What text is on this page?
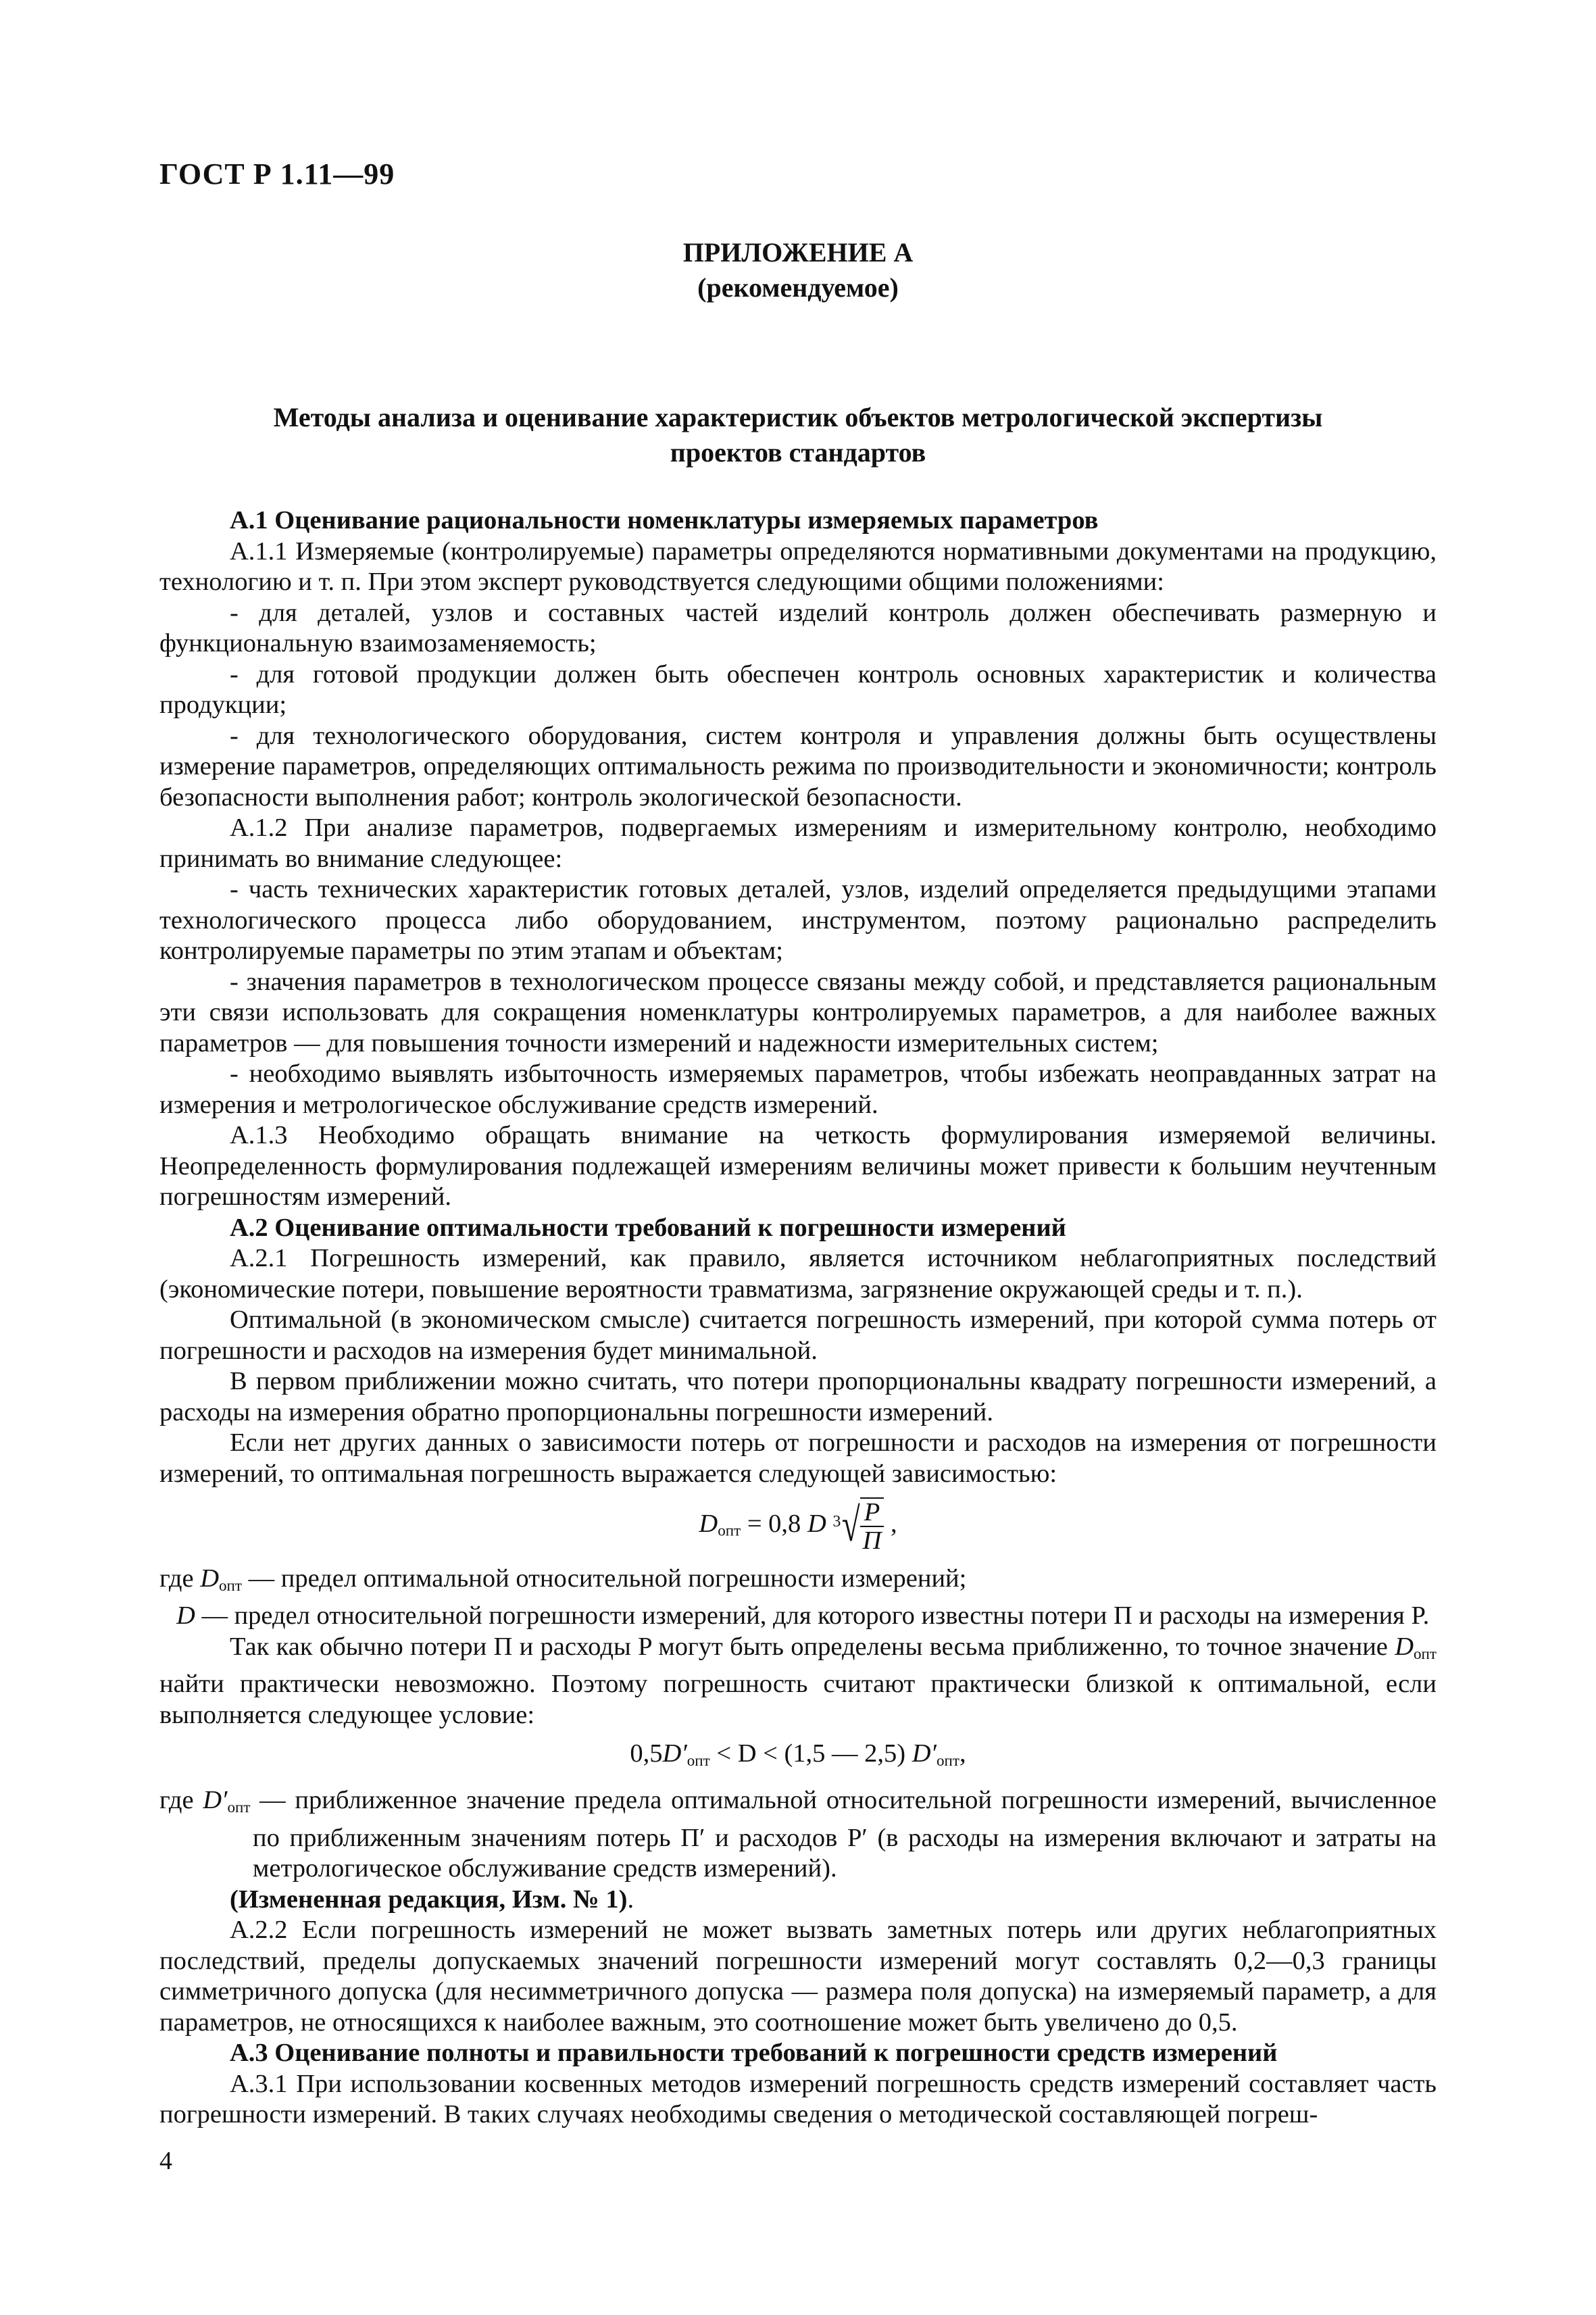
ГОСТ Р 1.11—99
ПРИЛОЖЕНИЕ А
(рекомендуемое)
Методы анализа и оценивание характеристик объектов метрологической экспертизы
проектов стандартов

А.1 Оценивание рациональности номенклатуры измеряемых параметров

А.1.1 Измеряемые (контролируемые) параметры определяются нормативными документами на продукцию, технологию и т. п. При этом эксперт руководствуется следующими общими положениями:

- для деталей, узлов и составных частей изделий контроль должен обеспечивать размерную и функциональную взаимозаменяемость;

- для готовой продукции должен быть обеспечен контроль основных характеристик и количества продукции;

- для технологического оборудования, систем контроля и управления должны быть осуществлены измерение параметров, определяющих оптимальность режима по производительности и экономичности; контроль безопасности выполнения работ; контроль экологической безопасности.

А.1.2 При анализе параметров, подвергаемых измерениям и измерительному контролю, необходимо принимать во внимание следующее:

- часть технических характеристик готовых деталей, узлов, изделий определяется предыдущими этапами технологического процесса либо оборудованием, инструментом, поэтому рационально распределить контролируемые параметры по этим этапам и объектам;

- значения параметров в технологическом процессе связаны между собой, и представляется рациональным эти связи использовать для сокращения номенклатуры контролируемых параметров, а для наиболее важных параметров — для повышения точности измерений и надежности измерительных систем;

- необходимо выявлять избыточность измеряемых параметров, чтобы избежать неоправданных затрат на измерения и метрологическое обслуживание средств измерений.

А.1.3 Необходимо обращать внимание на четкость формулирования измеряемой величины. Неопределенность формулирования подлежащей измерениям величины может привести к большим неучтенным погрешностям измерений.

А.2 Оценивание оптимальности требований к погрешности измерений

А.2.1 Погрешность измерений, как правило, является источником неблагоприятных последствий (экономические потери, повышение вероятности травматизма, загрязнение окружающей среды и т. п.).

Оптимальной (в экономическом смысле) считается погрешность измерений, при которой сумма потерь от погрешности и расходов на измерения будет минимальной.

В первом приближении можно считать, что потери пропорциональны квадрату погрешности измерений, а расходы на измерения обратно пропорциональны погрешности измерений.

Если нет других данных о зависимости потерь от погрешности и расходов на измерения от погрешности измерений, то оптимальная погрешность выражается следующей зависимостью:

$D_{опт} = 0,8$ D 3 √ $\frac{P}{П}$ ,

где $D_{опт}$ — предел оптимальной относительной погрешности измерений;

D — предел относительной погрешности измерений, для которого известны потери П и расходы на измерения P.

Так как обычно потери П и расходы P могут быть определены весьма приближенно, то точное значение $D_{опт}$ найти практически невозможно. Поэтому погрешность считают практически близкой к оптимальной, если выполняется следующее условие:

$0,5D'_{опт} < D < (1,5$ — 2,5) $D'_{опт}$,

где $D'_{опт}$ — приближенное значение предела оптимальной относительной погрешности измерений, вычисленное по приближенным значениям потерь П′ и расходов P′ (в расходы на измерения включают и затраты на метрологическое обслуживание средств измерений).

(Измененная редакция, Изм. № 1).

А.2.2 Если погрешность измерений не может вызвать заметных потерь или других неблагоприятных последствий, пределы допускаемых значений погрешности измерений могут составлять 0,2—0,3 границы симметричного допуска (для несимметричного допуска — размера поля допуска) на измеряемый параметр, а для параметров, не относящихся к наиболее важным, это соотношение может быть увеличено до 0,5.

А.3 Оценивание полноты и правильности требований к погрешности средств измерений

А.3.1 При использовании косвенных методов измерений погрешность средств измерений составляет часть погрешности измерений. В таких случаях необходимы сведения о методической составляющей погреш-

4
